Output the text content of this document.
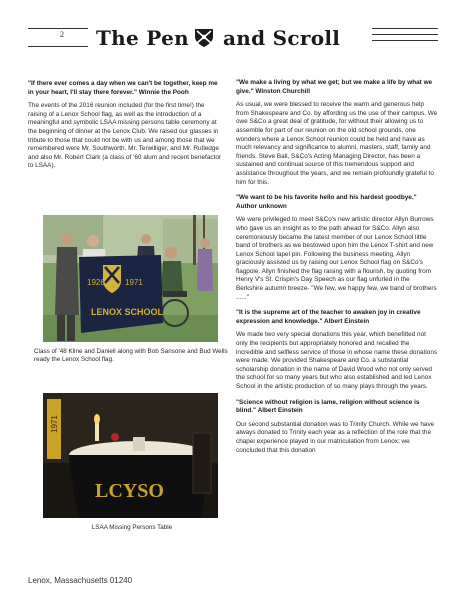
2	The Pen and Scroll

"If there ever comes a day when we can't be together, keep me in your heart, I'll stay there forever." Winnie the Pooh

The events of the 2016 reunion included (for the first time!) the raising of a Lenox School flag, as well as the introduction of a meaningful and symbolic LSAA missing persons table ceremony at the beginning of dinner at the Lenox Club. We raised our glasses in tribute to those that could not be with us and among those that we remembered were Mr. Southworth, Mr. Terwilliger, and Mr. Rutledge and also Mr. Robert Clark (a class of '60 alum and recent benefactor to LSAA).

1926	1971
LENOX SCHOOL
Class of '48 Kline and Daniell along with Bob Sansone and Bud Wells ready the Lenox School flag.
1971
LCYSO
LSAA Missing Persons Table

"We make a living by what we get; but we make a life by what we give." Winston Churchill

As usual, we were blessed to receive the warm and generous help from Shakespeare and Co. by affording us the use of their campus. We owe S&Co a great deal of gratitude, for without their allowing us to assemble for part of our reunion on the old school grounds, one wonders where a Lenox School reunion could be held and have as much relevancy and significance to alumni, masters, staff, family and friends. Steve Ball, S&Co's Acting Managing Director, has been a sustained and continual source of this tremendous support and assistance throughout the years, and we remain profoundly grateful to him for this.

"We want to be his favorite hello and his hardest goodbye." Author unknown

We were privileged to meet S&Co's new artistic director Allyn Burrows who gave us an insight as to the path ahead for S&Co. Allyn also ceremoniously became the latest member of our Lenox School little band of brothers as we bestowed upon him the Lenox T-shirt and new Lenox School lapel pin. Following the business meeting, Allyn graciously assisted us by raising our Lenox School flag on S&Co's flagpole. Allyn finished the flag raising with a flourish, by quoting from Henry V's St. Crispin's Day Speech as our flag unfurled in the Berkshire autumn breeze- "We few, we happy few, we band of brothers ......"

"It is the supreme art of the teacher to awaken joy in creative expression and knowledge." Albert Einstein

We made two very special donations this year, which benefitted not only the recipients but appropriately honored and recalled the incredible and selfless service of those in whose name these donations were made. We provided Shakespeare and Co. a substantial scholarship donation in the name of David Wood who not only served the school for so many years but who also established and led Lenox School in the artistic production of so many plays through the years.

"Science without religion is lame, religion without science is blind." Albert Einstein

Our second substantial donation was to Trinity Church. While we have always donated to Trinity each year as a reflection of the role that the chapel experience played in our matriculation from Lenox; we concluded that this donation

Lenox, Massachusetts 01240
